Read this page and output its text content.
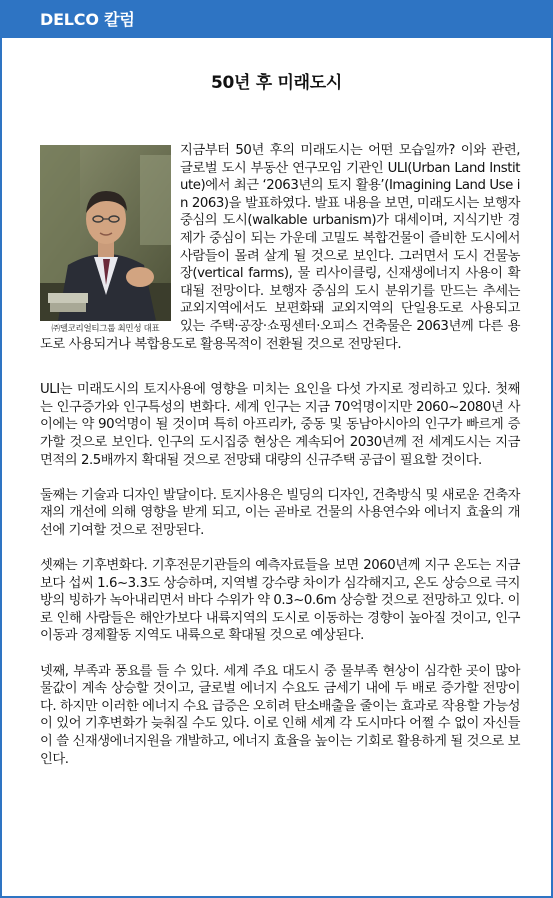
DELCO 칼럼
50년 후 미래도시
㈜델코리얼티그룹 최민성 대표

지금부터 50년 후의 미래도시는 어떤 모습일까? 이와 관련, 글로벌 도시 부동산 연구모임 기관인 ULI(Urban Land Institute)에서 최근 ‘2063년의 토지 활용’(Imagining Land Use in 2063)을 발표하였다. 발표 내용을 보면, 미래도시는 보행자 중심의 도시(walkable urbanism)가 대세이며, 지식기반 경제가 중심이 되는 가운데 고밀도 복합건물이 즐비한 도시에서 사람들이 몰려 살게 될 것으로 보인다. 그러면서 도시 건물농장(vertical farms), 물 리사이클링, 신재생에너지 사용이 확대될 전망이다. 보행자 중심의 도시 분위기를 만드는 추세는 교외지역에서도 보편화돼 교외지역의 단일용도로 사용되고 있는 주택·공장·쇼핑센터·오피스 건축물은 2063년께 다른 용도로 사용되거나 복합용도로 활용목적이 전환될 것으로 전망된다.

ULI는 미래도시의 토지사용에 영향을 미치는 요인을 다섯 가지로 정리하고 있다. 첫째는 인구증가와 인구특성의 변화다. 세계 인구는 지금 70억명이지만 2060~2080년 사이에는 약 90억명이 될 것이며 특히 아프리카, 중동 및 동남아시아의 인구가 빠르게 증가할 것으로 보인다. 인구의 도시집중 현상은 계속되어 2030년께 전 세계도시는 지금 면적의 2.5배까지 확대될 것으로 전망돼 대량의 신규주택 공급이 필요할 것이다.

둘째는 기술과 디자인 발달이다. 토지사용은 빌딩의 디자인, 건축방식 및 새로운 건축자재의 개선에 의해 영향을 받게 되고, 이는 곧바로 건물의 사용연수와 에너지 효율의 개선에 기여할 것으로 전망된다.

셋째는 기후변화다. 기후전문기관들의 예측자료들을 보면 2060년께 지구 온도는 지금보다 섭씨 1.6~3.3도 상승하며, 지역별 강수량 차이가 심각해지고, 온도 상승으로 극지방의 빙하가 녹아내리면서 바다 수위가 약 0.3~0.6m 상승할 것으로 전망하고 있다. 이로 인해 사람들은 해안가보다 내륙지역의 도시로 이동하는 경향이 높아질 것이고, 인구이동과 경제활동 지역도 내륙으로 확대될 것으로 예상된다.

넷째, 부족과 풍요를 들 수 있다. 세계 주요 대도시 중 물부족 현상이 심각한 곳이 많아 물값이 계속 상승할 것이고, 글로벌 에너지 수요도 금세기 내에 두 배로 증가할 전망이다. 하지만 이러한 에너지 수요 급증은 오히려 탄소배출을 줄이는 효과로 작용할 가능성이 있어 기후변화가 늦춰질 수도 있다. 이로 인해 세계 각 도시마다 어쩔 수 없이 자신들이 쓸 신재생에너지원을 개발하고, 에너지 효율을 높이는 기회로 활용하게 될 것으로 보인다.
